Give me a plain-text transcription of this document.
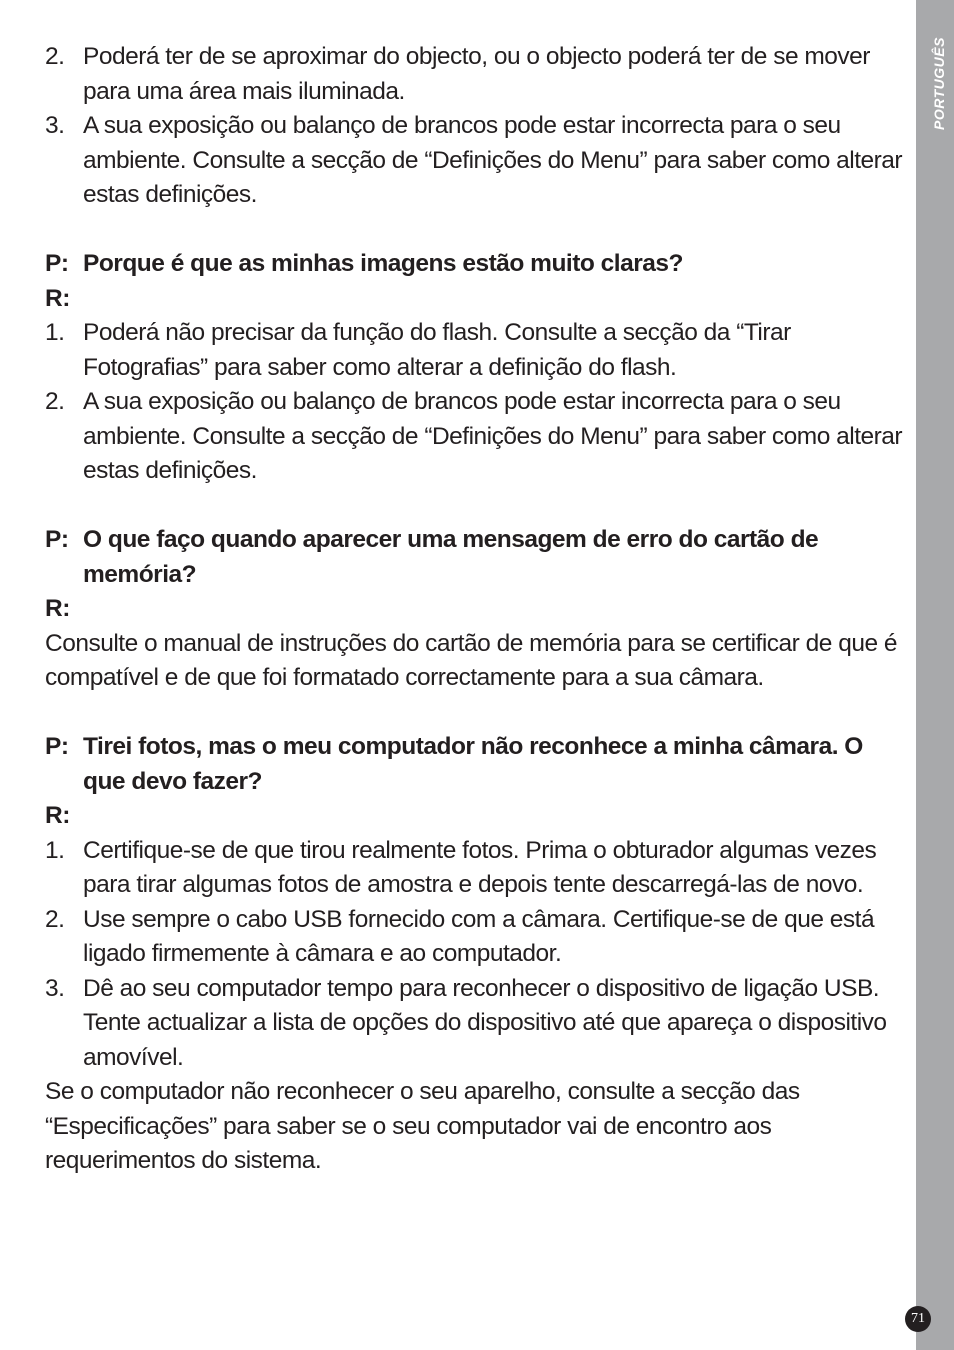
2. Poderá ter de se aproximar do objecto, ou o objecto poderá ter de se mover para uma área mais iluminada.
3. A sua exposição ou balanço de brancos pode estar incorrecta para o seu ambiente. Consulte a secção de “Definições do Menu” para saber como alterar estas definições.
P: Porque é que as minhas imagens estão muito claras?
R:
1. Poderá não precisar da função do flash. Consulte a secção da “Tirar Fotografias” para saber como alterar a definição do flash.
2. A sua exposição ou balanço de brancos pode estar incorrecta para o seu ambiente. Consulte a secção de “Definições do Menu” para saber como alterar estas definições.
P: O que faço quando aparecer uma mensagem de erro do cartão de memória?
R:

Consulte o manual de instruções do cartão de memória para se certificar de que é compatível e de que foi formatado correctamente para a sua câmara.

P: Tirei fotos, mas o meu computador não reconhece a minha câmara. O que devo fazer?
R:
1. Certifique-se de que tirou realmente fotos. Prima o obturador algumas vezes para tirar algumas fotos de amostra e depois tente descarregá-las de novo.
2. Use sempre o cabo USB fornecido com a câmara. Certifique-se de que está ligado firmemente à câmara e ao computador.
3. Dê ao seu computador tempo para reconhecer o dispositivo de ligação USB. Tente actualizar a lista de opções do dispositivo até que apareça o dispositivo amovível.

Se o computador não reconhecer o seu aparelho, consulte a secção das “Especificações” para saber se o seu computador vai de encontro aos requerimentos do sistema.

PORTUGUÊS
71
